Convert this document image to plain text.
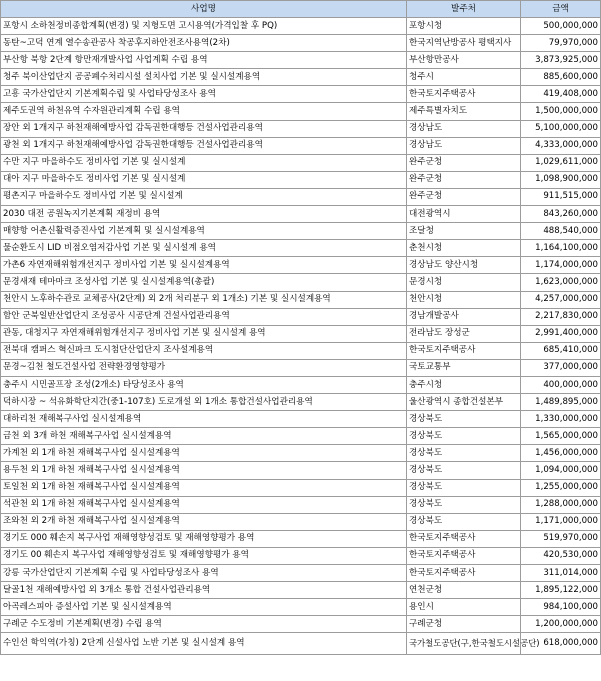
사업명	발주처	금액
포항시 소하천정비종합계획(변경) 및 지형도면 고시용역(가격입찰 후 PQ)	포항시청	500,000,000
동탄~고덕 연계 열수송관공사 착공후지하안전조사용역(2차)	한국지역난방공사 평택지사	79,970,000
부산항 북항 2단계 항만재개발사업 사업계획 수립 용역	부산항만공사	3,873,925,000
청주 북이산업단지 공공폐수처리시설 설치사업 기본 및 실시설계용역	청주시	885,600,000
고흥 국가산업단지 기본계획수립 및 사업타당성조사 용역	한국토지주택공사	419,408,000
제주도권역 하천유역 수자원관리계획 수립 용역	제주특별자치도	1,500,000,000
장안 외 1개지구 하천재해예방사업 감독권한대행등 건설사업관리용역	경상남도	5,100,000,000
광천 외 1개지구 하천재해예방사업 감독권한대행등 건설사업관리용역	경상남도	4,333,000,000
수만 지구 마을하수도 정비사업 기본 및 실시설계	완주군청	1,029,611,000
대아 지구 마을하수도 정비사업 기본 및 실시설계	완주군청	1,098,900,000
평촌지구 마을하수도 정비사업 기본 및 실시설계	완주군청	911,515,000
2030 대전 공원녹지기본계획 재정비 용역	대전광역시	843,260,000
매향항 어촌신활력증진사업 기본계획 및 실시설계용역	조달청	488,540,000
물순환도시 LID 비점오염저감사업 기본 및 실시설계 용역	춘천시청	1,164,100,000
가촌6 자연재해위험개선지구 정비사업 기본 및 실시설계용역	경상남도 양산시청	1,174,000,000
문경새재 테마마크 조성사업 기본 및 실시설계용역(총괄)	문경시청	1,623,000,000
천안시 노후하수관로 교체공사(2단계) 외 2개 처리분구 외 1개소) 기본 및 실시설계용역	천안시청	4,257,000,000
함안 군북일반산업단지 조성공사 시공단계 건설사업관리용역	경남개발공사	2,217,830,000
관동, 대청지구 자연재해위험개선지구 정비사업 기본 및 실시설계 용역	전라남도 장성군	2,991,400,000
전북대 캠퍼스 혁신파크 도시첨단산업단지 조사설계용역	한국토지주택공사	685,410,000
문경~김천 철도건설사업 전략환경영향평가	국토교통부	377,000,000
충주시 시민골프장 조성(2개소) 타당성조사 용역	충주시청	400,000,000
덕하시장 ~ 석유화학단지간(중1-107호) 도로개설 외 1개소 통합건설사업관리용역	울산광역시 종합건설본부	1,489,895,000
대하리천 재해복구사업 실시설계용역	경상북도	1,330,000,000
금천 외 3개 하천 재해복구사업 실시설계용역	경상북도	1,565,000,000
가계천 외 1개 하천 재해복구사업 실시설계용역	경상북도	1,456,000,000
용두천 외 1개 하천 재해복구사업 실시설계용역	경상북도	1,094,000,000
토일천 외 1개 하천 재해복구사업 실시설계용역	경상북도	1,255,000,000
석관천 외 1개 하천 재해복구사업 실시설계용역	경상북도	1,288,000,000
조와천 외 2개 하천 재해복구사업 실시설계용역	경상북도	1,171,000,000
경기도 000 훼손지 복구사업 재해영향성검토 및 재해영향평가 용역	한국토지주택공사	519,970,000
경기도 00 훼손지 복구사업 재해영향성검토 및 재해영향평가 용역	한국토지주택공사	420,530,000
강릉 국가산업단지 기본계획 수립 및 사업타당성조사 용역	한국토지주택공사	311,014,000
달골1천 재해예방사업 외 3개소 통합 건설사업관리용역	연천군청	1,895,122,000
아곡레스피아 증설사업 기본 및 실시설계용역	용인시	984,100,000
구례군 수도정비 기본계획(변경) 수립 용역	구례군청	1,200,000,000
수인선 학익역(가칭) 2단계 신설사업 노반 기본 및 실시설계 용역	국가철도공단(구,한국철도시설공단)	618,000,000
